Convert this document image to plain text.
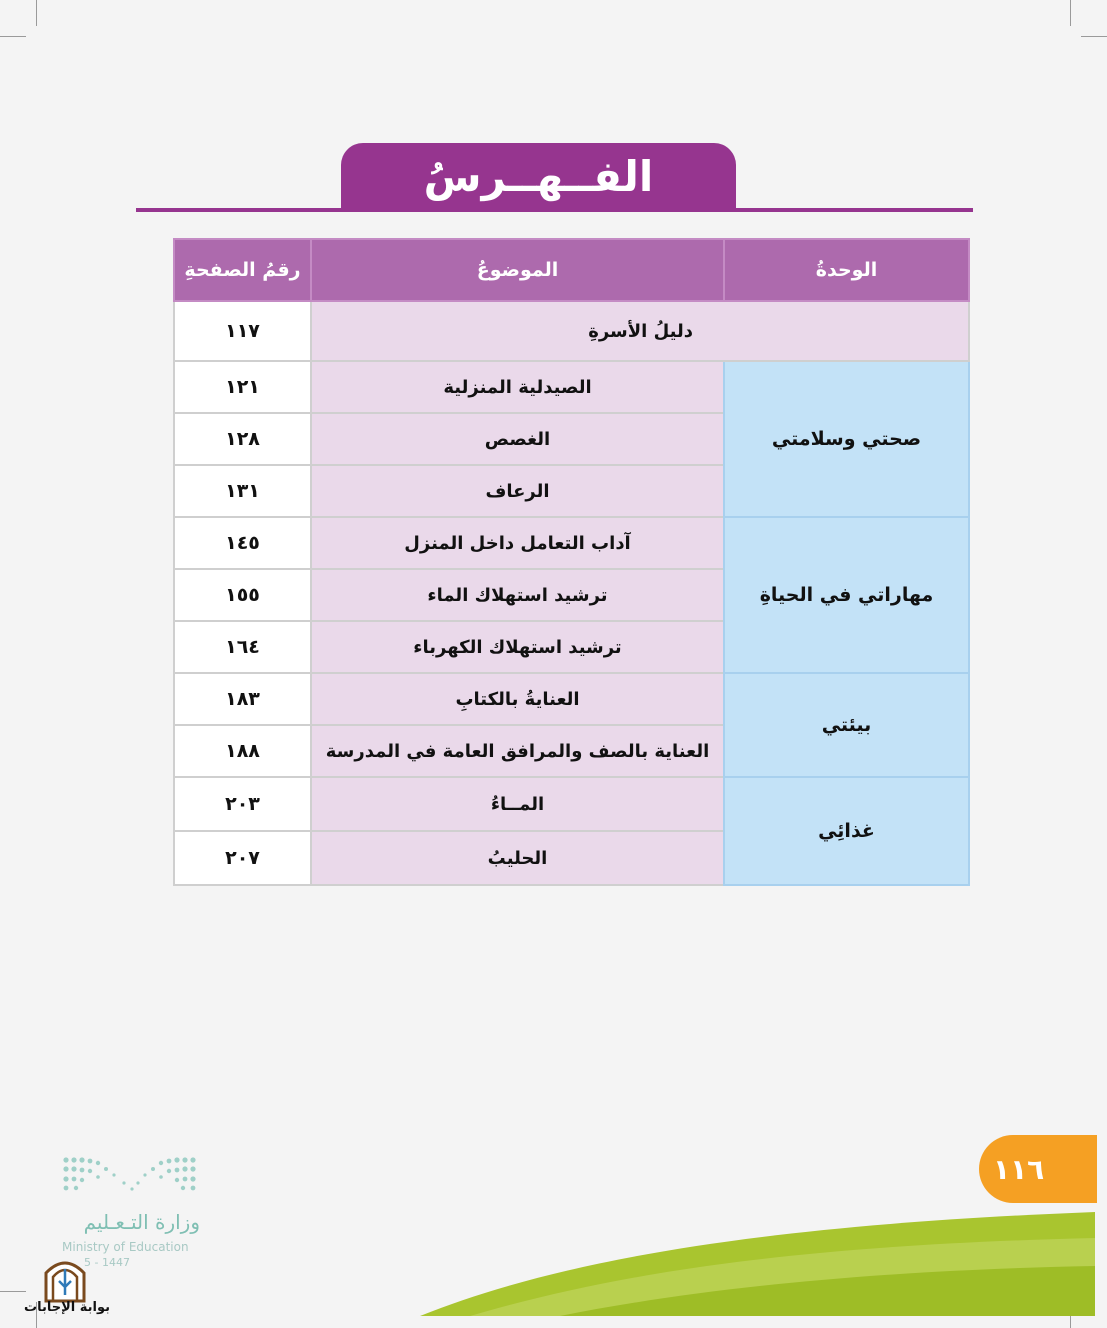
الفــهــرسُ
الوحدةُ	الموضوعُ	رقمُ الصفحةِ
دليلُ الأسرةِ		١١٧
صحتي وسلامتي	الصيدلية المنزلية	١٢١
	الغصص	١٢٨
	الرعاف	١٣١
مهاراتي في الحياةِ	آداب التعامل داخل المنزل	١٤٥
	ترشيد استهلاك الماء	١٥٥
	ترشيد استهلاك الكهرباء	١٦٤
بيئتي	العنايةُ بالكتابِ	١٨٣
	العناية بالصف والمرافق العامة في المدرسة	١٨٨
غذائِي	المــاءُ	٢٠٣
	الحليبُ	٢٠٧
١١٦
وزارة التـعـليم
Ministry of Education
5 - 1447
بوابة الإجابات
